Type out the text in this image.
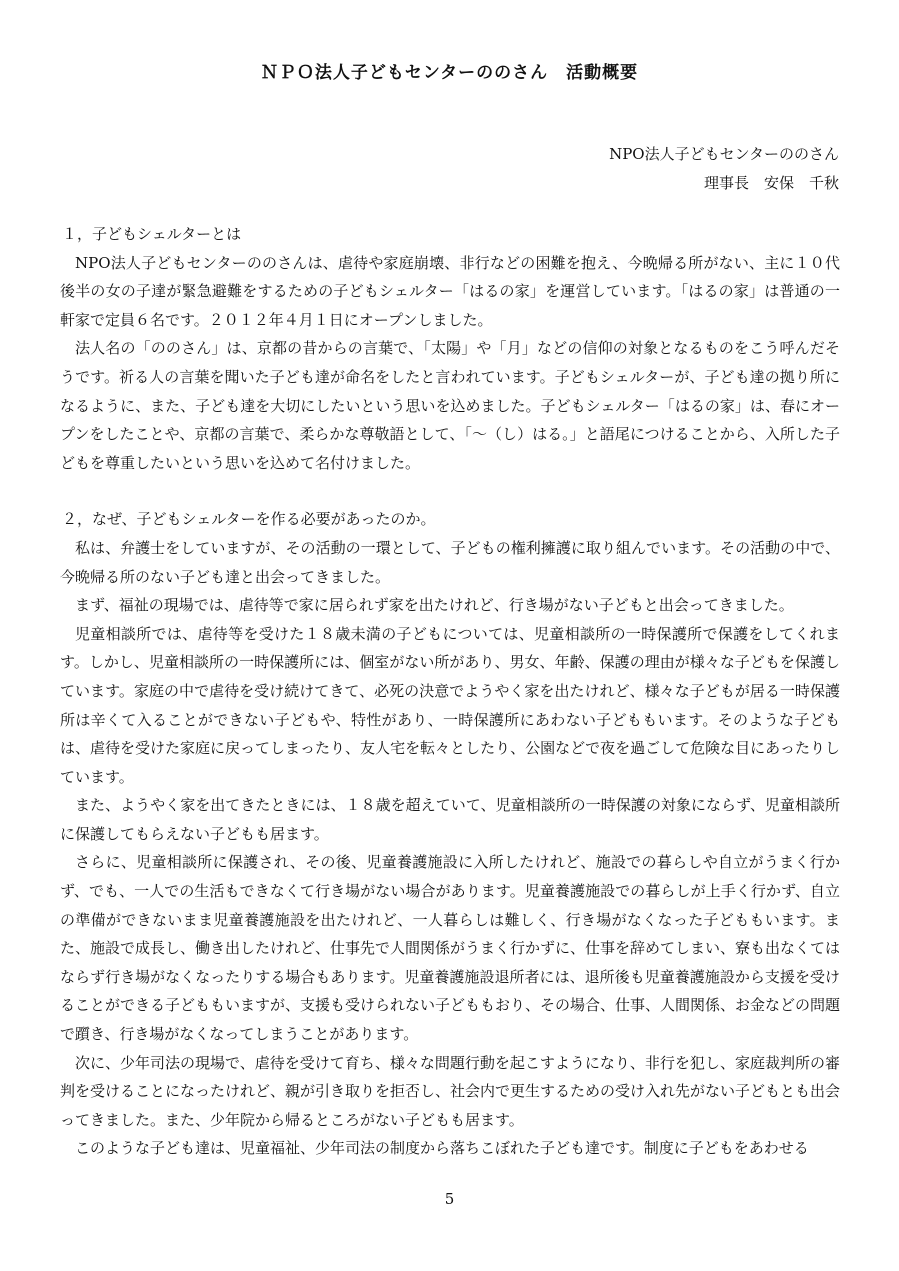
ＮＰＯ法人子どもセンターののさん　活動概要
NPO法人子どもセンターののさん
理事長　安保　千秋

１，子どもシェルターとは

NPO法人子どもセンターののさんは、虐待や家庭崩壊、非行などの困難を抱え、今晩帰る所がない、主に１０代後半の女の子達が緊急避難をするための子どもシェルター「はるの家」を運営しています。「はるの家」は普通の一軒家で定員６名です。２０１２年４月１日にオープンしました。

法人名の「ののさん」は、京都の昔からの言葉で、「太陽」や「月」などの信仰の対象となるものをこう呼んだそうです。祈る人の言葉を聞いた子ども達が命名をしたと言われています。子どもシェルターが、子ども達の拠り所になるように、また、子ども達を大切にしたいという思いを込めました。子どもシェルター「はるの家」は、春にオープンをしたことや、京都の言葉で、柔らかな尊敬語として、「〜（し）はる。」と語尾につけることから、入所した子どもを尊重したいという思いを込めて名付けました。

２，なぜ、子どもシェルターを作る必要があったのか。

私は、弁護士をしていますが、その活動の一環として、子どもの権利擁護に取り組んでいます。その活動の中で、今晩帰る所のない子ども達と出会ってきました。

まず、福祉の現場では、虐待等で家に居られず家を出たけれど、行き場がない子どもと出会ってきました。

児童相談所では、虐待等を受けた１８歳未満の子どもについては、児童相談所の一時保護所で保護をしてくれます。しかし、児童相談所の一時保護所には、個室がない所があり、男女、年齢、保護の理由が様々な子どもを保護しています。家庭の中で虐待を受け続けてきて、必死の決意でようやく家を出たけれど、様々な子どもが居る一時保護所は辛くて入ることができない子どもや、特性があり、一時保護所にあわない子どももいます。そのような子どもは、虐待を受けた家庭に戻ってしまったり、友人宅を転々としたり、公園などで夜を過ごして危険な目にあったりしています。

また、ようやく家を出てきたときには、１８歳を超えていて、児童相談所の一時保護の対象にならず、児童相談所に保護してもらえない子どもも居ます。

さらに、児童相談所に保護され、その後、児童養護施設に入所したけれど、施設での暮らしや自立がうまく行かず、でも、一人での生活もできなくて行き場がない場合があります。児童養護施設での暮らしが上手く行かず、自立の準備ができないまま児童養護施設を出たけれど、一人暮らしは難しく、行き場がなくなった子どももいます。また、施設で成長し、働き出したけれど、仕事先で人間関係がうまく行かずに、仕事を辞めてしまい、寮も出なくてはならず行き場がなくなったりする場合もあります。児童養護施設退所者には、退所後も児童養護施設から支援を受けることができる子どももいますが、支援も受けられない子どももおり、その場合、仕事、人間関係、お金などの問題で躓き、行き場がなくなってしまうことがあります。

次に、少年司法の現場で、虐待を受けて育ち、様々な問題行動を起こすようになり、非行を犯し、家庭裁判所の審判を受けることになったけれど、親が引き取りを拒否し、社会内で更生するための受け入れ先がない子どもとも出会ってきました。また、少年院から帰るところがない子どもも居ます。

このような子ども達は、児童福祉、少年司法の制度から落ちこぼれた子ども達です。制度に子どもをあわせる

5
